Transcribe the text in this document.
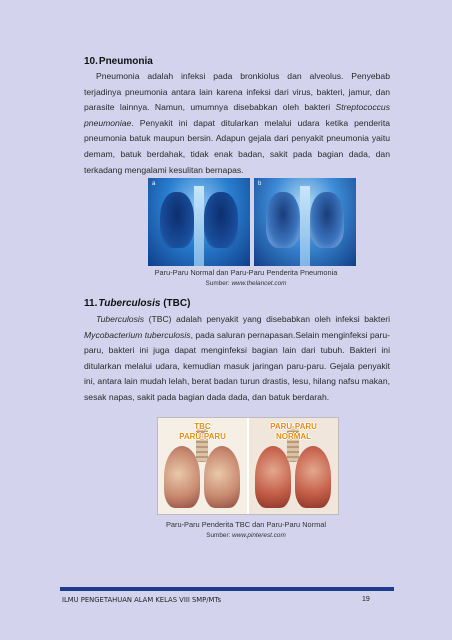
10.Pneumonia

Pneumonia adalah infeksi pada bronkiolus dan alveolus. Penyebab terjadinya pneumonia antara lain karena infeksi dari virus, bakteri, jamur, dan parasite lainnya. Namun, umumnya disebabkan oleh bakteri Streptococcus pneumoniae. Penyakit ini dapat ditularkan melalui udara ketika penderita pneumonia batuk maupun bersin. Adapun gejala dari penyakit pneumonia yaitu demam, batuk berdahak, tidak enak badan, sakit pada bagian dada, dan terkadang mengalami kesulitan bernapas.

a	b
Paru-Paru Normal dan Paru-Paru Penderita Pneumonia
Sumber: www.thelancet.com
11.Tuberculosis (TBC)

Tuberculosis (TBC) adalah penyakit yang disebabkan oleh infeksi bakteri Mycobacterium tuberculosis, pada saluran pernapasan.Selain menginfeksi paru-paru, bakteri ini juga dapat menginfeksi bagian lain dari tubuh. Bakteri ini ditularkan melalui udara, kemudian masuk jaringan paru-paru. Gejala penyakit ini, antara lain mudah lelah, berat badan turun drastis, lesu, hilang nafsu makan, sesak napas, sakit pada bagian dada dada, dan batuk berdarah.

TBC
PARU-PARU
PARU-PARU
NORMAL
Paru-Paru Penderita TBC dan Paru-Paru Normal
Sumber: www.pinterest.com
ILMU PENGETAHUAN ALAM KELAS VIII SMP/MTs	19
